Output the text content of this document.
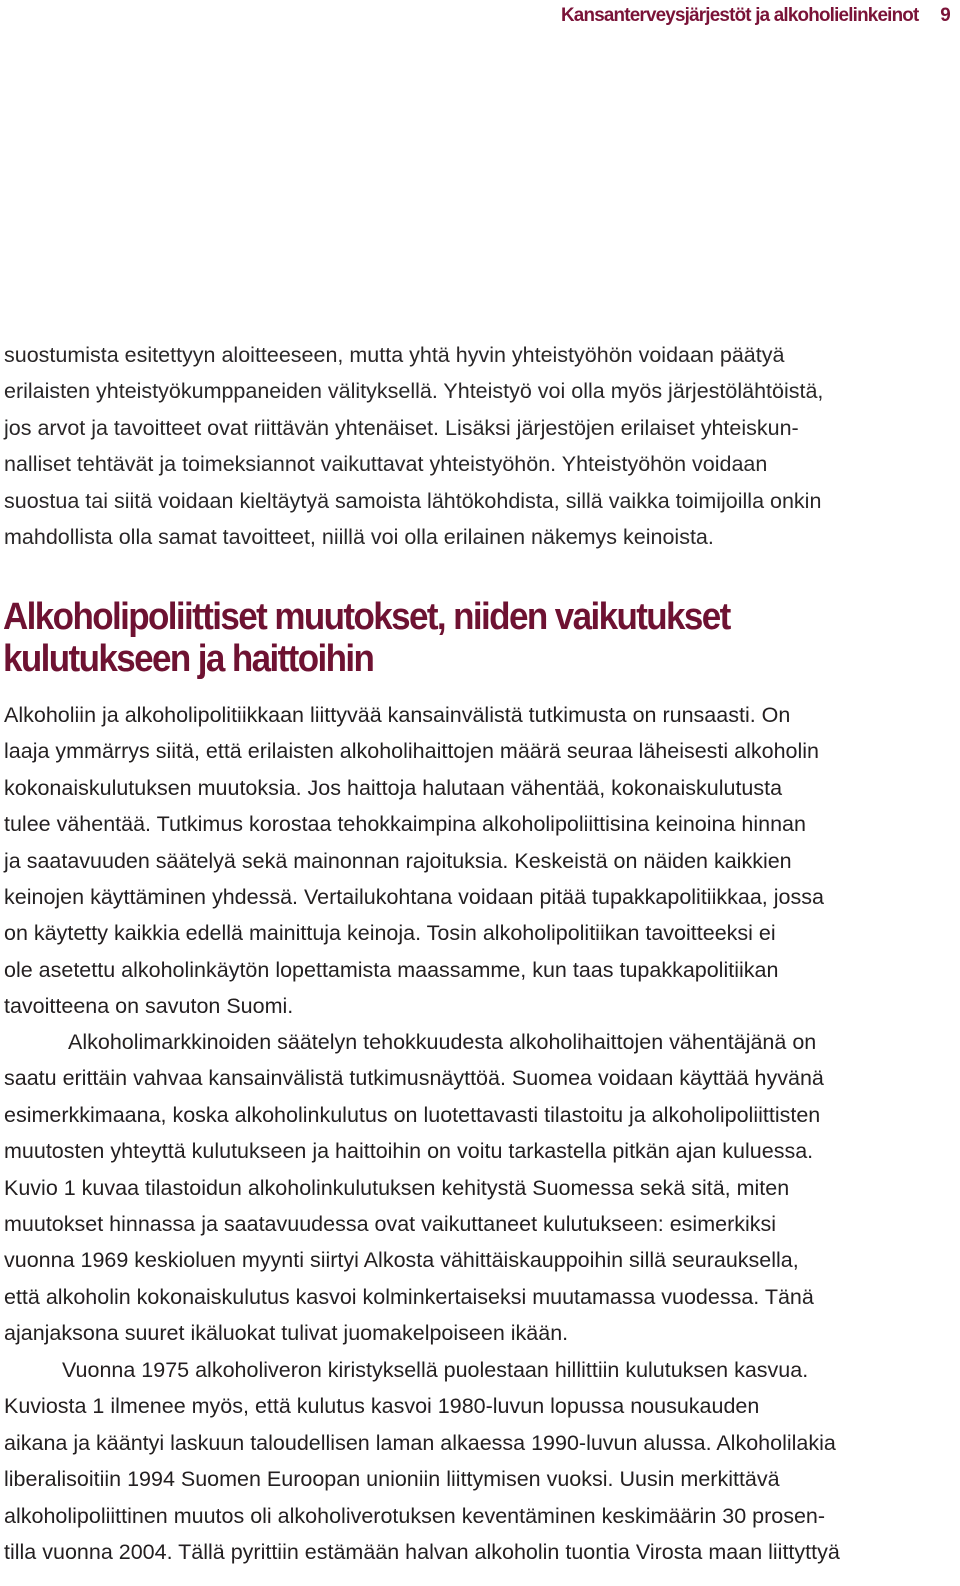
Kansanterveysjärjestöt ja alkoholielinkeinot 9

suostumista esitettyyn aloitteeseen, mutta yhtä hyvin yhteistyöhön voidaan päätyä
erilaisten yhteistyökumppaneiden välityksellä. Yhteistyö voi olla myös järjestölähtöistä,
jos arvot ja tavoitteet ovat riittävän yhtenäiset. Lisäksi järjestöjen erilaiset yhteiskun-
nalliset tehtävät ja toimeksiannot vaikuttavat yhteistyöhön. Yhteistyöhön voidaan
suostua tai siitä voidaan kieltäytyä samoista lähtökohdista, sillä vaikka toimijoilla onkin
mahdollista olla samat tavoitteet, niillä voi olla erilainen näkemys keinoista.

Alkoholipoliittiset muutokset, niiden vaikutukset
kulutukseen ja haittoihin

Alkoholiin ja alkoholipolitiikkaan liittyvää kansainvälistä tutkimusta on runsaasti. On
laaja ymmärrys siitä, että erilaisten alkoholihaittojen määrä seuraa läheisesti alkoholin
kokonaiskulutuksen muutoksia. Jos haittoja halutaan vähentää, kokonaiskulutusta
tulee vähentää. Tutkimus korostaa tehokkaimpina alkoholipoliittisina keinoina hinnan
ja saatavuuden säätelyä sekä mainonnan rajoituksia. Keskeistä on näiden kaikkien
keinojen käyttäminen yhdessä. Vertailukohtana voidaan pitää tupakkapolitiikkaa, jossa
on käytetty kaikkia edellä mainittuja keinoja. Tosin alkoholipolitiikan tavoitteeksi ei
ole asetettu alkoholinkäytön lopettamista maassamme, kun taas tupakkapolitiikan
tavoitteena on savuton Suomi.

Alkoholimarkkinoiden säätelyn tehokkuudesta alkoholihaittojen vähentäjänä on
saatu erittäin vahvaa kansainvälistä tutkimusnäyttöä. Suomea voidaan käyttää hyvänä
esimerkkimaana, koska alkoholinkulutus on luotettavasti tilastoitu ja alkoholipoliittisten
muutosten yhteyttä kulutukseen ja haittoihin on voitu tarkastella pitkän ajan kuluessa.
Kuvio 1 kuvaa tilastoidun alkoholinkulutuksen kehitystä Suomessa sekä sitä, miten
muutokset hinnassa ja saatavuudessa ovat vaikuttaneet kulutukseen: esimerkiksi
vuonna 1969 keskioluen myynti siirtyi Alkosta vähittäiskauppoihin sillä seurauksella,
että alkoholin kokonaiskulutus kasvoi kolminkertaiseksi muutamassa vuodessa. Tänä
ajanjaksona suuret ikäluokat tulivat juomakelpoiseen ikään.

Vuonna 1975 alkoholiveron kiristyksellä puolestaan hillittiin kulutuksen kasvua.
Kuviosta 1 ilmenee myös, että kulutus kasvoi 1980-luvun lopussa nousukauden
aikana ja kääntyi laskuun taloudellisen laman alkaessa 1990-luvun alussa. Alkoholilakia
liberalisoitiin 1994 Suomen Euroopan unioniin liittymisen vuoksi. Uusin merkittävä
alkoholipoliittinen muutos oli alkoholiverotuksen keventäminen keskimäärin 30 prosen-
tilla vuonna 2004. Tällä pyrittiin estämään halvan alkoholin tuontia Virosta maan liittyttyä
